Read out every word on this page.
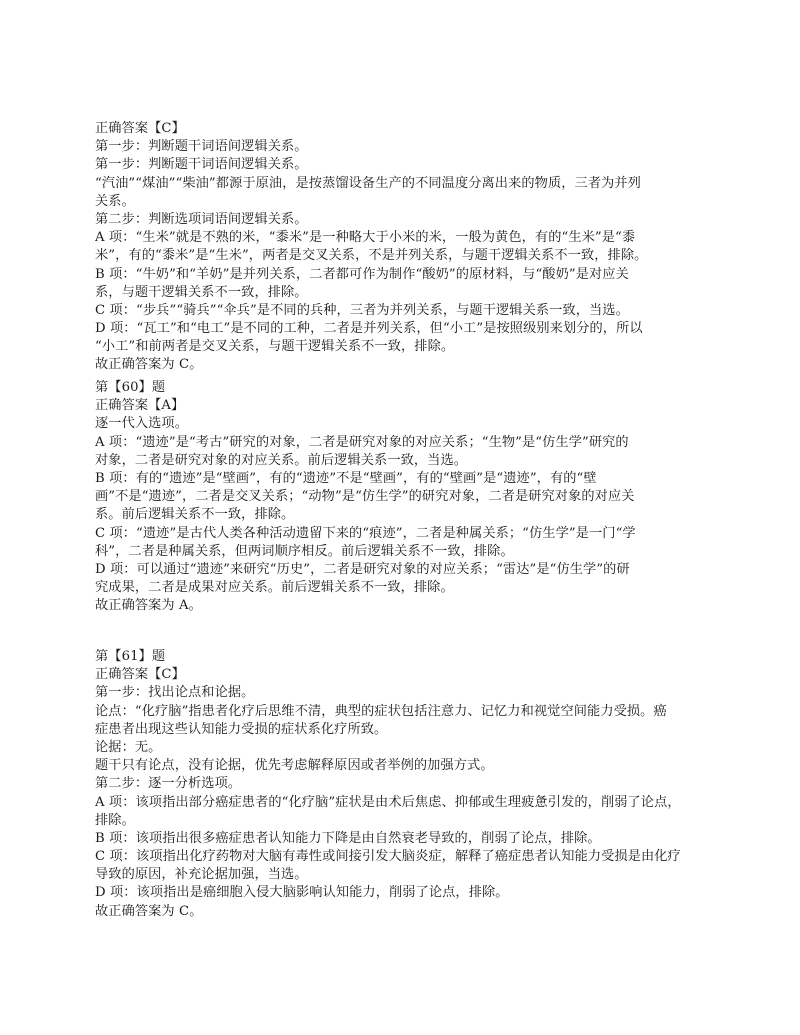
正确答案【C】
第一步：判断题干词语间逻辑关系。
第一步：判断题干词语间逻辑关系。
“汽油”“煤油”“柴油”都源于原油，是按蒸馏设备生产的不同温度分离出来的物质，三者为并列
关系。
第二步：判断选项词语间逻辑关系。
A 项：“生米”就是不熟的米，“黍米”是一种略大于小米的米，一般为黄色，有的“生米”是“黍
米”，有的“黍米”是“生米”，两者是交叉关系，不是并列关系，与题干逻辑关系不一致，排除。
B 项：“牛奶”和“羊奶”是并列关系，二者都可作为制作“酸奶”的原材料，与“酸奶”是对应关
系，与题干逻辑关系不一致，排除。
C 项：“步兵”“骑兵”“伞兵”是不同的兵种，三者为并列关系，与题干逻辑关系一致，当选。
D 项：“瓦工”和“电工”是不同的工种，二者是并列关系，但“小工”是按照级别来划分的，所以
“小工”和前两者是交叉关系，与题干逻辑关系不一致，排除。
故正确答案为 C。
第【60】题
正确答案【A】
逐一代入选项。
A 项：“遗迹”是“考古”研究的对象，二者是研究对象的对应关系；“生物”是“仿生学”研究的
对象，二者是研究对象的对应关系。前后逻辑关系一致，当选。
B 项：有的“遗迹”是“壁画”，有的“遗迹”不是“壁画”，有的“壁画”是“遗迹”，有的“壁
画”不是“遗迹”，二者是交叉关系；“动物”是“仿生学”的研究对象，二者是研究对象的对应关
系。前后逻辑关系不一致，排除。
C 项：“遗迹”是古代人类各种活动遗留下来的“痕迹”，二者是种属关系；“仿生学”是一门“学
科”，二者是种属关系，但两词顺序相反。前后逻辑关系不一致，排除。
D 项：可以通过“遗迹”来研究“历史”，二者是研究对象的对应关系；“雷达”是“仿生学”的研
究成果，二者是成果对应关系。前后逻辑关系不一致，排除。
故正确答案为 A。
第【61】题
正确答案【C】
第一步：找出论点和论据。
论点：“化疗脑”指患者化疗后思维不清，典型的症状包括注意力、记忆力和视觉空间能力受损。癌
症患者出现这些认知能力受损的症状系化疗所致。
论据：无。
题干只有论点，没有论据，优先考虑解释原因或者举例的加强方式。
第二步：逐一分析选项。
A 项：该项指出部分癌症患者的“化疗脑”症状是由术后焦虑、抑郁或生理疲惫引发的，削弱了论点，
排除。
B 项：该项指出很多癌症患者认知能力下降是由自然衰老导致的，削弱了论点，排除。
C 项：该项指出化疗药物对大脑有毒性或间接引发大脑炎症，解释了癌症患者认知能力受损是由化疗
导致的原因，补充论据加强，当选。
D 项：该项指出是癌细胞入侵大脑影响认知能力，削弱了论点，排除。
故正确答案为 C。
